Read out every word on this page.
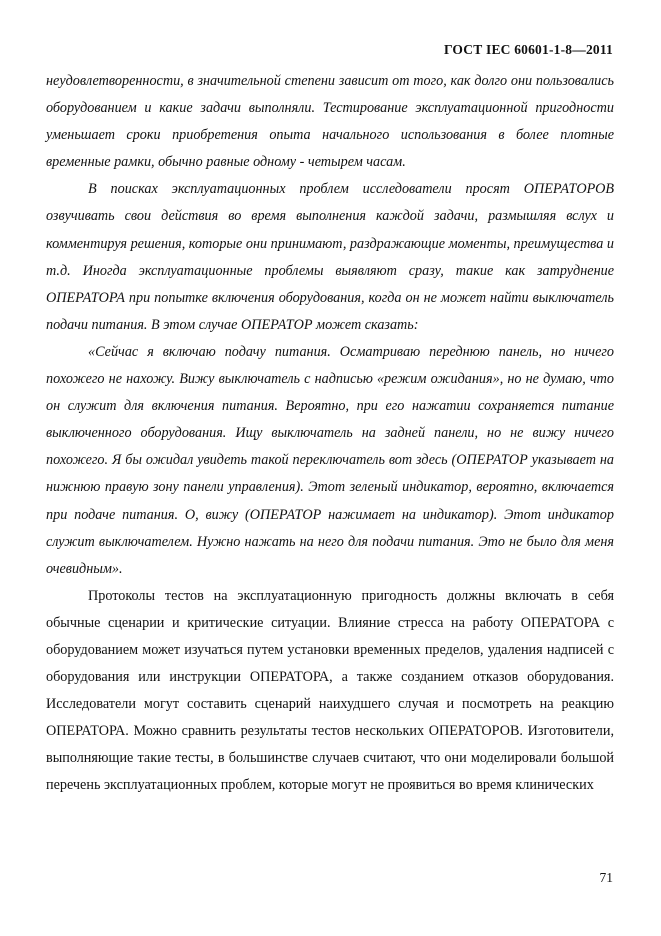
ГОСТ IEC 60601-1-8—2011

неудовлетворенности, в значительной степени зависит от того, как долго они пользовались оборудованием и какие задачи выполняли. Тестирование эксплуатационной пригодности уменьшает сроки приобретения опыта начального использования в более плотные временные рамки, обычно равные одному - четырем часам.

В поисках эксплуатационных проблем исследователи просят ОПЕРАТОРОВ озвучивать свои действия во время выполнения каждой задачи, размышляя вслух и комментируя решения, которые они принимают, раздражающие моменты, преимущества и т.д. Иногда эксплуатационные проблемы выявляют сразу, такие как затруднение ОПЕРАТОРА при попытке включения оборудования, когда он не может найти выключатель подачи питания. В этом случае ОПЕРАТОР может сказать:

«Сейчас я включаю подачу питания. Осматриваю переднюю панель, но ничего похожего не нахожу. Вижу выключатель с надписью «режим ожидания», но не думаю, что он служит для включения питания. Вероятно, при его нажатии сохраняется питание выключенного оборудования. Ищу выключатель на задней панели, но не вижу ничего похожего. Я бы ожидал увидеть такой переключатель вот здесь (ОПЕРАТОР указывает на нижнюю правую зону панели управления). Этот зеленый индикатор, вероятно, включается при подаче питания. О, вижу (ОПЕРАТОР нажимает на индикатор). Этот индикатор служит выключателем. Нужно нажать на него для подачи питания. Это не было для меня очевидным».

Протоколы тестов на эксплуатационную пригодность должны включать в себя обычные сценарии и критические ситуации. Влияние стресса на работу ОПЕРАТОРА с оборудованием может изучаться путем установки временных пределов, удаления надписей с оборудования или инструкции ОПЕРАТОРА, а также созданием отказов оборудования. Исследователи могут составить сценарий наихудшего случая и посмотреть на реакцию ОПЕРАТОРА. Можно сравнить результаты тестов нескольких ОПЕРАТОРОВ. Изготовители, выполняющие такие тесты, в большинстве случаев считают, что они моделировали большой перечень эксплуатационных проблем, которые могут не проявиться во время клинических

71
